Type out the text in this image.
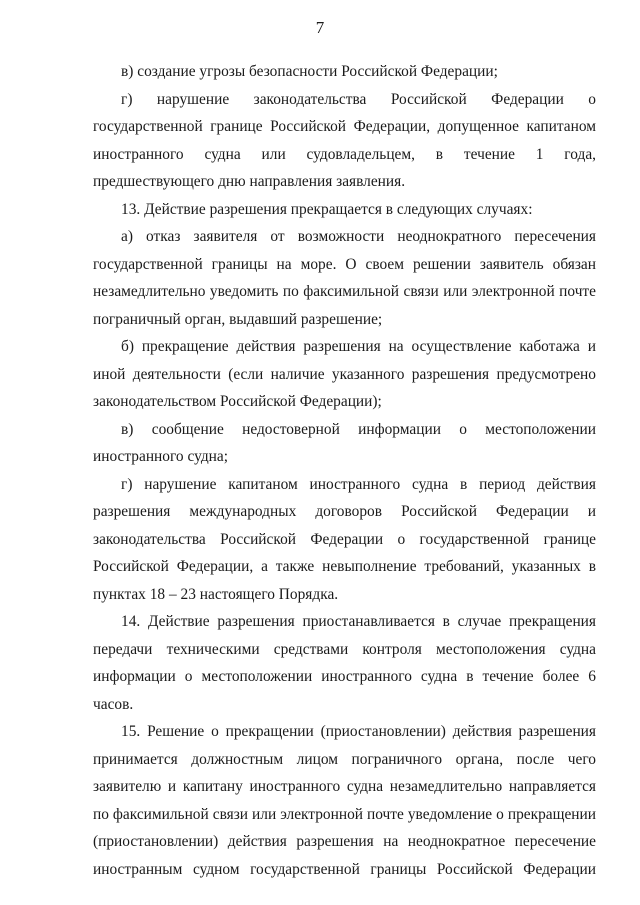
7

в) создание угрозы безопасности Российской Федерации;

г) нарушение законодательства Российской Федерации о государственной границе Российской Федерации, допущенное капитаном иностранного судна или судовладельцем, в течение 1 года, предшествующего дню направления заявления.

13. Действие разрешения прекращается в следующих случаях:

а) отказ заявителя от возможности неоднократного пересечения государственной границы на море. О своем решении заявитель обязан незамедлительно уведомить по факсимильной связи или электронной почте пограничный орган, выдавший разрешение;

б) прекращение действия разрешения на осуществление каботажа и иной деятельности (если наличие указанного разрешения предусмотрено законодательством Российской Федерации);

в) сообщение недостоверной информации о местоположении иностранного судна;

г) нарушение капитаном иностранного судна в период действия разрешения международных договоров Российской Федерации и законодательства Российской Федерации о государственной границе Российской Федерации, а также невыполнение требований, указанных в пунктах 18 – 23 настоящего Порядка.

14. Действие разрешения приостанавливается в случае прекращения передачи техническими средствами контроля местоположения судна информации о местоположении иностранного судна в течение более 6 часов.

15. Решение о прекращении (приостановлении) действия разрешения принимается должностным лицом пограничного органа, после чего заявителю и капитану иностранного судна незамедлительно направляется по факсимильной связи или электронной почте уведомление о прекращении (приостановлении) действия разрешения на неоднократное пересечение иностранным судном государственной границы Российской Федерации
